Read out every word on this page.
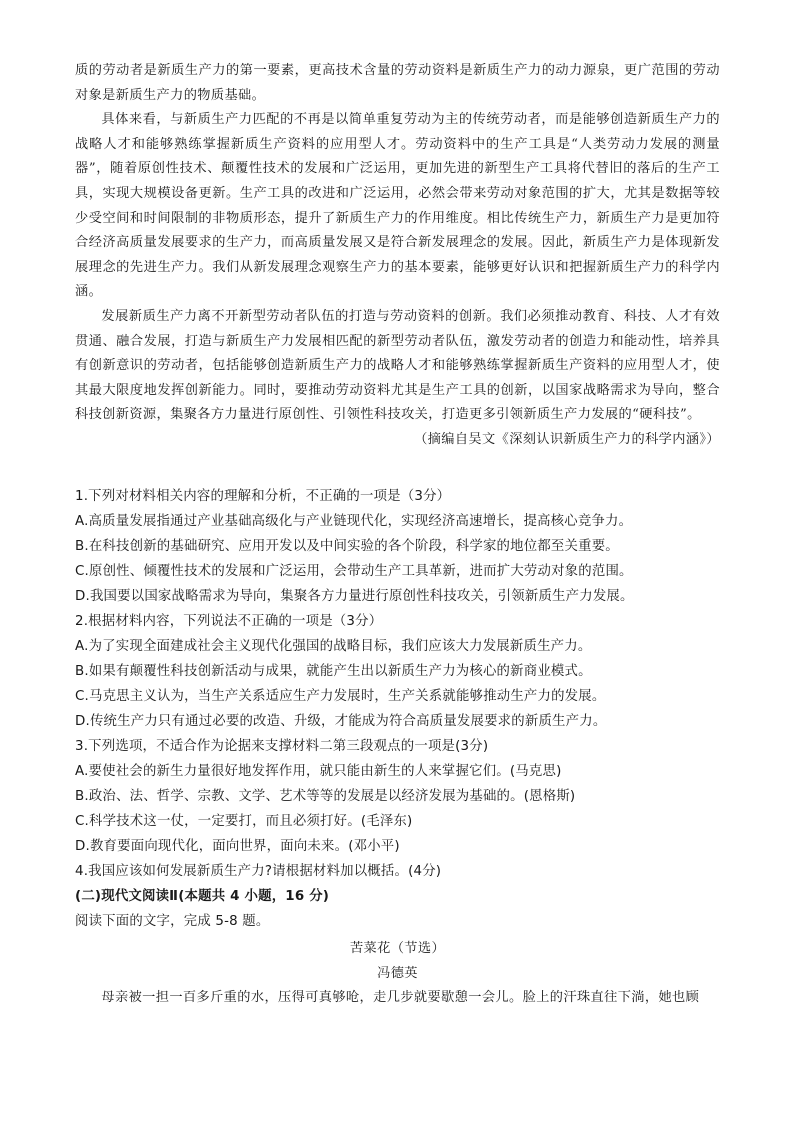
质的劳动者是新质生产力的第一要素，更高技术含量的劳动资料是新质生产力的动力源泉，更广范围的劳动对象是新质生产力的物质基础。

具体来看，与新质生产力匹配的不再是以简单重复劳动为主的传统劳动者，而是能够创造新质生产力的战略人才和能够熟练掌握新质生产资料的应用型人才。劳动资料中的生产工具是“人类劳动力发展的测量器”，随着原创性技术、颠覆性技术的发展和广泛运用，更加先进的新型生产工具将代替旧的落后的生产工具，实现大规模设备更新。生产工具的改进和广泛运用，必然会带来劳动对象范围的扩大，尤其是数据等较少受空间和时间限制的非物质形态，提升了新质生产力的作用维度。相比传统生产力，新质生产力是更加符合经济高质量发展要求的生产力，而高质量发展又是符合新发展理念的发展。因此，新质生产力是体现新发展理念的先进生产力。我们从新发展理念观察生产力的基本要素，能够更好认识和把握新质生产力的科学内涵。

发展新质生产力离不开新型劳动者队伍的打造与劳动资料的创新。我们必须推动教育、科技、人才有效贯通、融合发展，打造与新质生产力发展相匹配的新型劳动者队伍，激发劳动者的创造力和能动性，培养具有创新意识的劳动者，包括能够创造新质生产力的战略人才和能够熟练掌握新质生产资料的应用型人才，使其最大限度地发挥创新能力。同时，要推动劳动资料尤其是生产工具的创新，以国家战略需求为导向，整合科技创新资源，集聚各方力量进行原创性、引领性科技攻关，打造更多引领新质生产力发展的“硬科技”。

（摘编自吴文《深刻认识新质生产力的科学内涵》）

1.下列对材料相关内容的理解和分析，不正确的一项是（3分）
A.高质量发展指通过产业基础高级化与产业链现代化，实现经济高速增长，提高核心竞争力。
B.在科技创新的基础研究、应用开发以及中间实验的各个阶段，科学家的地位都至关重要。
C.原创性、倾覆性技术的发展和广泛运用，会带动生产工具革新，进而扩大劳动对象的范围。
D.我国要以国家战略需求为导向，集聚各方力量进行原创性科技攻关，引领新质生产力发展。
2.根据材料内容，下列说法不正确的一项是（3分）
A.为了实现全面建成社会主义现代化强国的战略目标，我们应该大力发展新质生产力。
B.如果有颠覆性科技创新活动与成果，就能产生出以新质生产力为核心的新商业模式。
C.马克思主义认为，当生产关系适应生产力发展时，生产关系就能够推动生产力的发展。
D.传统生产力只有通过必要的改造、升级，才能成为符合高质量发展要求的新质生产力。
3.下列选项，不适合作为论据来支撑材料二第三段观点的一项是(3分)
A.要使社会的新生力量很好地发挥作用，就只能由新生的人来掌握它们。(马克思)
B.政治、法、哲学、宗教、文学、艺术等等的发展是以经济发展为基础的。(恩格斯)
C.科学技术这一仗，一定要打，而且必须打好。(毛泽东)
D.教育要面向现代化，面向世界，面向未来。(邓小平)
4.我国应该如何发展新质生产力?请根据材料加以概括。(4分)
(二)现代文阅读Ⅱ(本题共 4 小题，16 分)
阅读下面的文字，完成 5-8 题。

苦菜花（节选）

冯德英

母亲被一担一百多斤重的水，压得可真够呛，走几步就要歇憩一会儿。脸上的汗珠直往下淌，她也顾
